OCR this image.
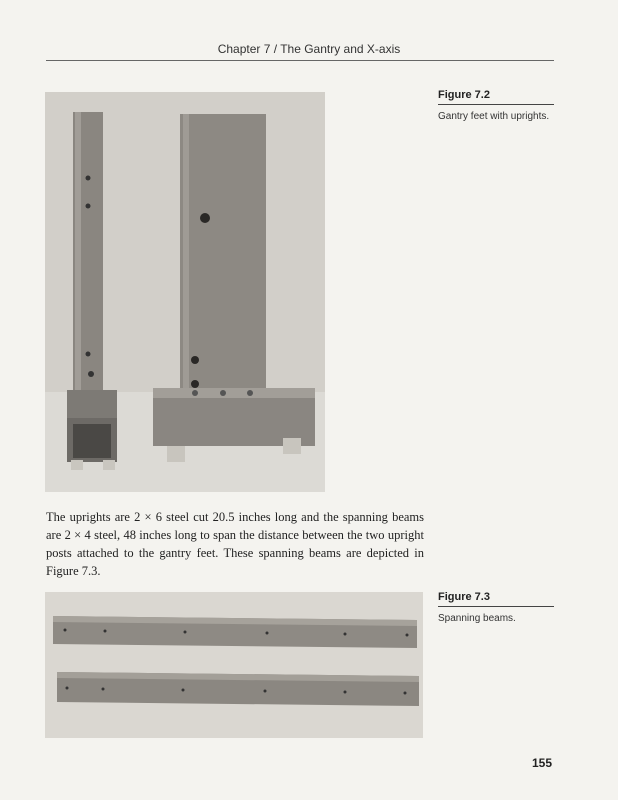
Chapter 7 / The Gantry and X-axis
Figure 7.2
Gantry feet with uprights.
The uprights are 2 × 6 steel cut 20.5 inches long and the spanning beams are 2 × 4 steel, 48 inches long to span the distance between the two upright posts attached to the gantry feet. These spanning beams are depicted in Figure 7.3.
Figure 7.3
Spanning beams.
155
